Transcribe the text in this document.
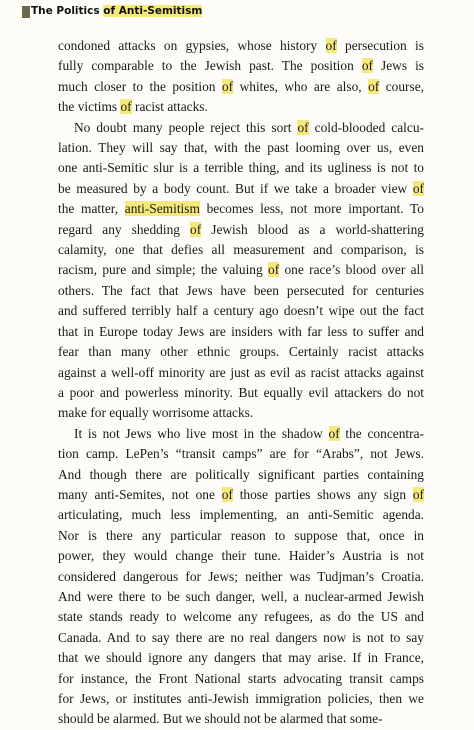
The Politics of Anti-Semitism
condoned attacks on gypsies, whose history of persecution is
fully comparable to the Jewish past. The position of Jews is
much closer to the position of whites, who are also, of course,
the victims of racist attacks.
No doubt many people reject this sort of cold-blooded calcu-
lation. They will say that, with the past looming over us, even
one anti-Semitic slur is a terrible thing, and its ugliness is not to
be measured by a body count. But if we take a broader view of
the matter, anti-Semitism becomes less, not more important. To
regard any shedding of Jewish blood as a world-shattering
calamity, one that defies all measurement and comparison, is
racism, pure and simple; the valuing of one race’s blood over all
others. The fact that Jews have been persecuted for centuries
and suffered terribly half a century ago doesn’t wipe out the fact
that in Europe today Jews are insiders with far less to suffer and
fear than many other ethnic groups. Certainly racist attacks
against a well-off minority are just as evil as racist attacks against
a poor and powerless minority. But equally evil attackers do not
make for equally worrisome attacks.
It is not Jews who live most in the shadow of the concentra-
tion camp. LePen’s “transit camps” are for “Arabs”, not Jews.
And though there are politically significant parties containing
many anti-Semites, not one of those parties shows any sign of
articulating, much less implementing, an anti-Semitic agenda.
Nor is there any particular reason to suppose that, once in
power, they would change their tune. Haider’s Austria is not
considered dangerous for Jews; neither was Tudjman’s Croatia.
And were there to be such danger, well, a nuclear-armed Jewish
state stands ready to welcome any refugees, as do the US and
Canada. And to say there are no real dangers now is not to say
that we should ignore any dangers that may arise. If in France,
for instance, the Front National starts advocating transit camps
for Jews, or institutes anti-Jewish immigration policies, then we
should be alarmed. But we should not be alarmed that some-
